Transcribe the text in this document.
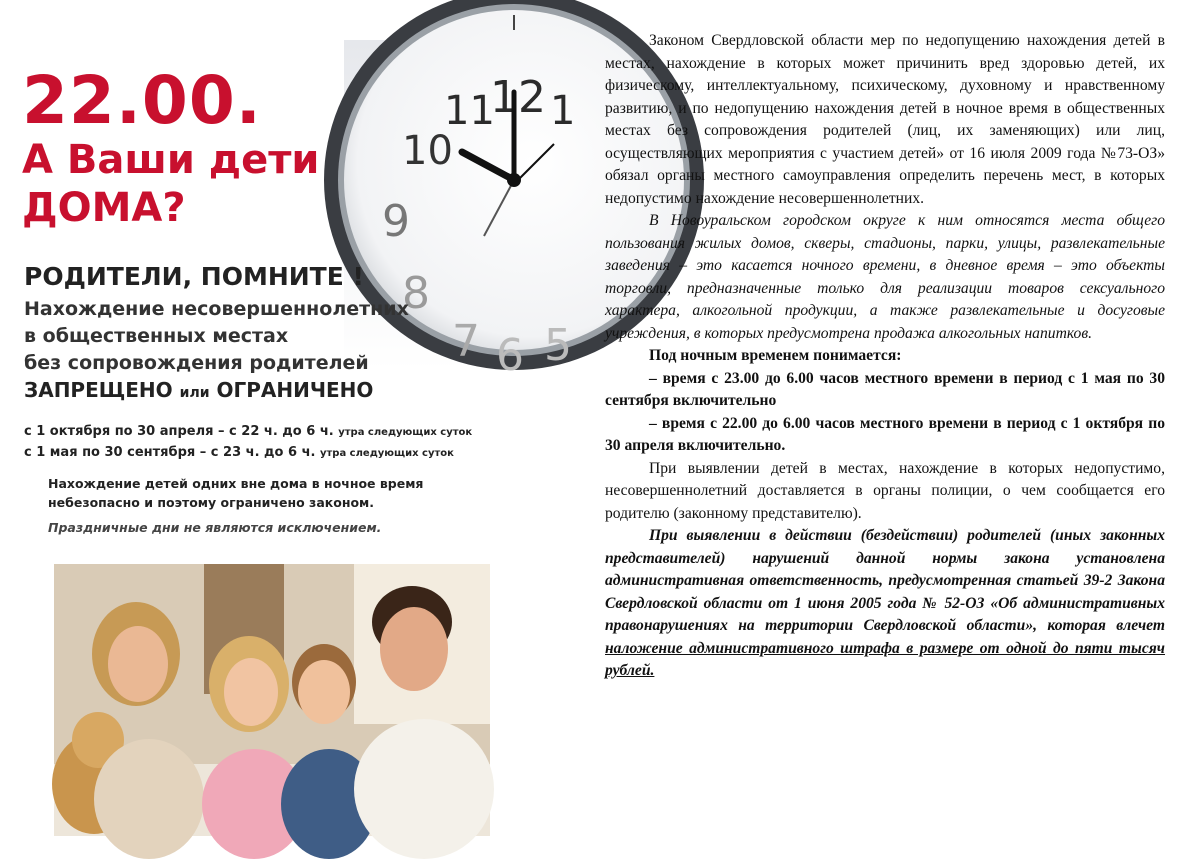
12
11
10
9
8
7 6 5
1
22.00.
А Ваши дети
ДОМА?
РОДИТЕЛИ, ПОМНИТЕ !
Нахождение несовершеннолетних
в общественных местах
без сопровождения родителей
ЗАПРЕЩЕНО или ОГРАНИЧЕНО
с 1 октября по 30 апреля – с 22 ч. до 6 ч. утра следующих суток
с 1 мая по 30 сентября – с 23 ч. до 6 ч. утра следующих суток
Нахождение детей одних вне дома в ночное время
небезопасно и поэтому ограничено законом.
Праздничные дни не являются исключением.

Законом Свердловской области мер по недопущению нахождения детей в местах, нахождение в которых может причинить вред здоровью детей, их физическому, интеллектуальному, психическому, духовному и нравственному развитию, и по недопущению нахождения детей в ночное время в общественных местах без сопровождения родителей (лиц, их заменяющих) или лиц, осуществляющих мероприятия с участием детей» от 16 июля 2009 года №73-ОЗ» обязал органы местного самоуправления определить перечень мест, в которых недопустимо нахождение несовершеннолетних.

В Новоуральском городском округе к ним относятся места общего пользования жилых домов, скверы, стадионы, парки, улицы, развлекательные заведения – это касается ночного времени, в дневное время – это объекты торговли, предназначенные только для реализации товаров сексуального характера, алкогольной продукции, а также развлекательные и досуговые учреждения, в которых предусмотрена продажа алкогольных напитков.

Под ночным временем понимается:

– время с 23.00 до 6.00 часов местного времени в период с 1 мая по 30 сентября включительно

– время с 22.00 до 6.00 часов местного времени в период с 1 октября по 30 апреля включительно.

При выявлении детей в местах, нахождение в которых недопустимо, несовершеннолетний доставляется в органы полиции, о чем сообщается его родителю (законному представителю).

При выявлении в действии (бездействии) родителей (иных законных представителей) нарушений данной нормы закона установлена административная ответственность, предусмотренная статьей 39-2 Закона Свердловской области от 1 июня 2005 года № 52-ОЗ «Об административных правонарушениях на территории Свердловской области», которая влечет наложение административного штрафа в размере от одной до пяти тысяч рублей.
